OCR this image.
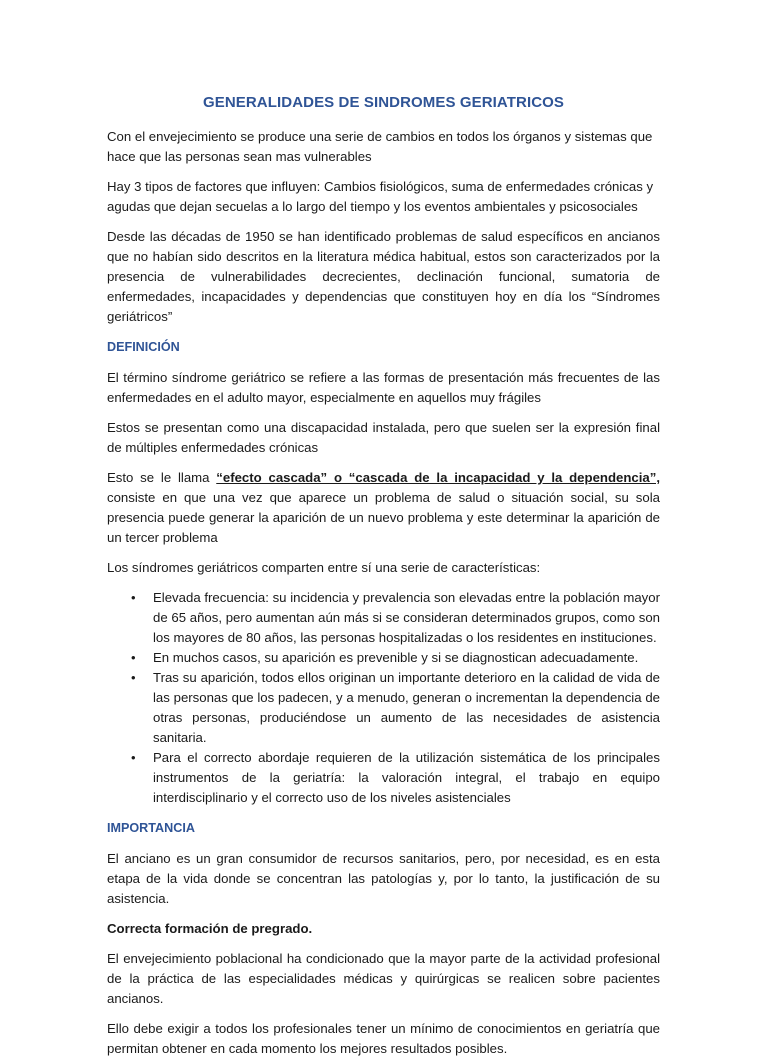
GENERALIDADES DE SINDROMES GERIATRICOS

Con el envejecimiento se produce una serie de cambios en todos los órganos y sistemas que hace que las personas sean mas vulnerables

Hay 3 tipos de factores que influyen: Cambios fisiológicos, suma de enfermedades crónicas y agudas que dejan secuelas a lo largo del tiempo y los eventos ambientales y psicosociales

Desde las décadas de 1950 se han identificado problemas de salud específicos en ancianos que no habían sido descritos en la literatura médica habitual, estos son caracterizados por la presencia de vulnerabilidades decrecientes, declinación funcional, sumatoria de enfermedades, incapacidades y dependencias que constituyen hoy en día los “Síndromes geriátricos”

DEFINICIÓN

El término síndrome geriátrico se refiere a las formas de presentación más frecuentes de las enfermedades en el adulto mayor, especialmente en aquellos muy frágiles

Estos se presentan como una discapacidad instalada, pero que suelen ser la expresión final de múltiples enfermedades crónicas

Esto se le llama “efecto cascada” o “cascada de la incapacidad y la dependencia”, consiste en que una vez que aparece un problema de salud o situación social, su sola presencia puede generar la aparición de un nuevo problema y este determinar la aparición de un tercer problema

Los síndromes geriátricos comparten entre sí una serie de características:

• Elevada frecuencia: su incidencia y prevalencia son elevadas entre la población mayor de 65 años, pero aumentan aún más si se consideran determinados grupos, como son los mayores de 80 años, las personas hospitalizadas o los residentes en instituciones.
• En muchos casos, su aparición es prevenible y si se diagnostican adecuadamente.
• Tras su aparición, todos ellos originan un importante deterioro en la calidad de vida de las personas que los padecen, y a menudo, generan o incrementan la dependencia de otras personas, produciéndose un aumento de las necesidades de asistencia sanitaria.
• Para el correcto abordaje requieren de la utilización sistemática de los principales instrumentos de la geriatría: la valoración integral, el trabajo en equipo interdisciplinario y el correcto uso de los niveles asistenciales
IMPORTANCIA

El anciano es un gran consumidor de recursos sanitarios, pero, por necesidad, es en esta etapa de la vida donde se concentran las patologías y, por lo tanto, la justificación de su asistencia.

Correcta formación de pregrado.

El envejecimiento poblacional ha condicionado que la mayor parte de la actividad profesional de la práctica de las especialidades médicas y quirúrgicas se realicen sobre pacientes ancianos.

Ello debe exigir a todos los profesionales tener un mínimo de conocimientos en geriatría que permitan obtener en cada momento los mejores resultados posibles.
